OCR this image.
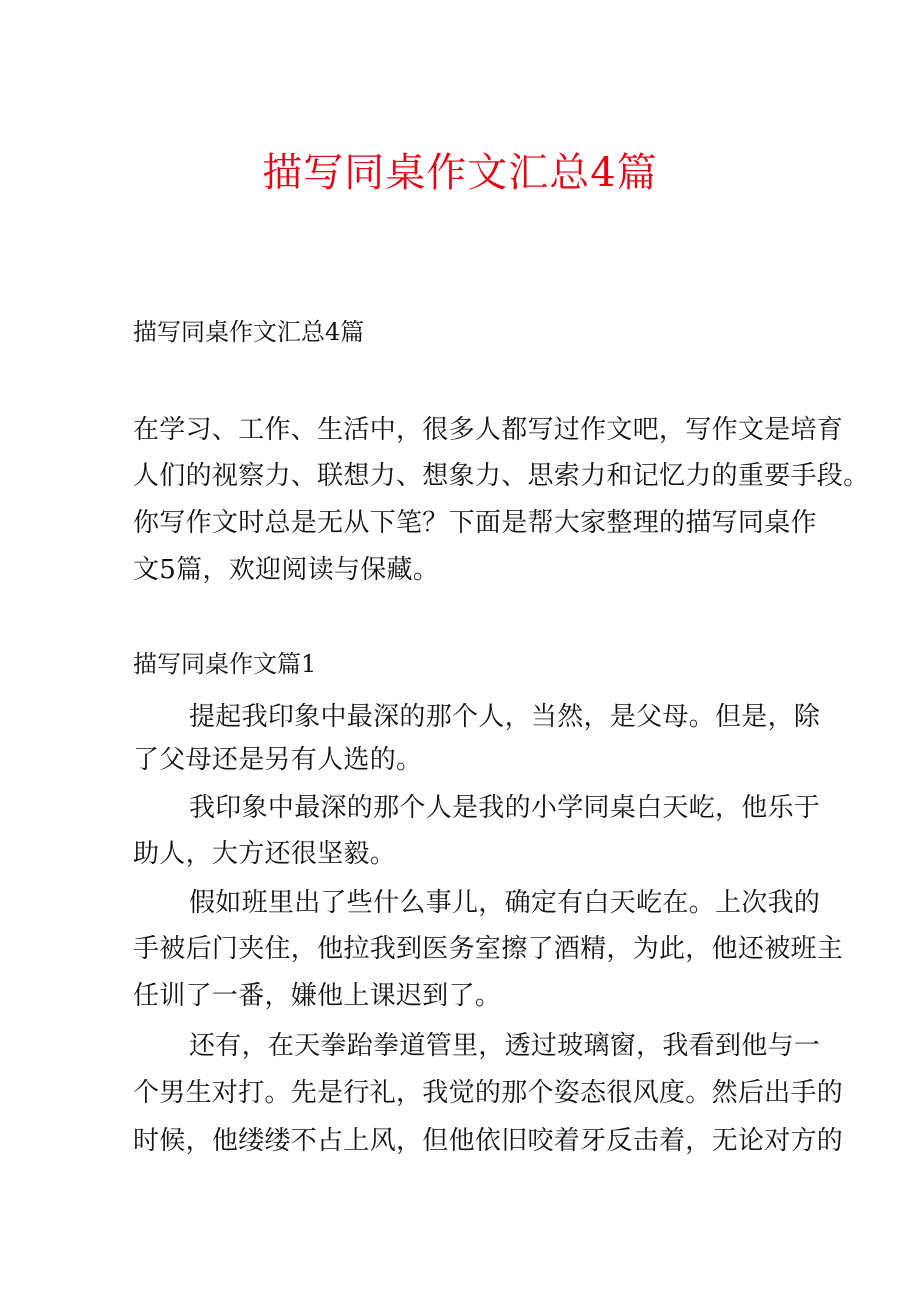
描写同桌作文汇总4篇
描写同桌作文汇总4篇
在学习、工作、生活中，很多人都写过作文吧，写作文是培育
人们的视察力、联想力、想象力、思索力和记忆力的重要手段。
你写作文时总是无从下笔？下面是帮大家整理的描写同桌作
文5篇，欢迎阅读与保藏。
描写同桌作文篇1
提起我印象中最深的那个人，当然，是父母。但是，除
了父母还是另有人选的。
我印象中最深的那个人是我的小学同桌白天屹，他乐于
助人，大方还很坚毅。
假如班里出了些什么事儿，确定有白天屹在。上次我的
手被后门夹住，他拉我到医务室擦了酒精，为此，他还被班主
任训了一番，嫌他上课迟到了。
还有，在天拳跆拳道管里，透过玻璃窗，我看到他与一
个男生对打。先是行礼，我觉的那个姿态很风度。然后出手的
时候，他缕缕不占上风，但他依旧咬着牙反击着，无论对方的
